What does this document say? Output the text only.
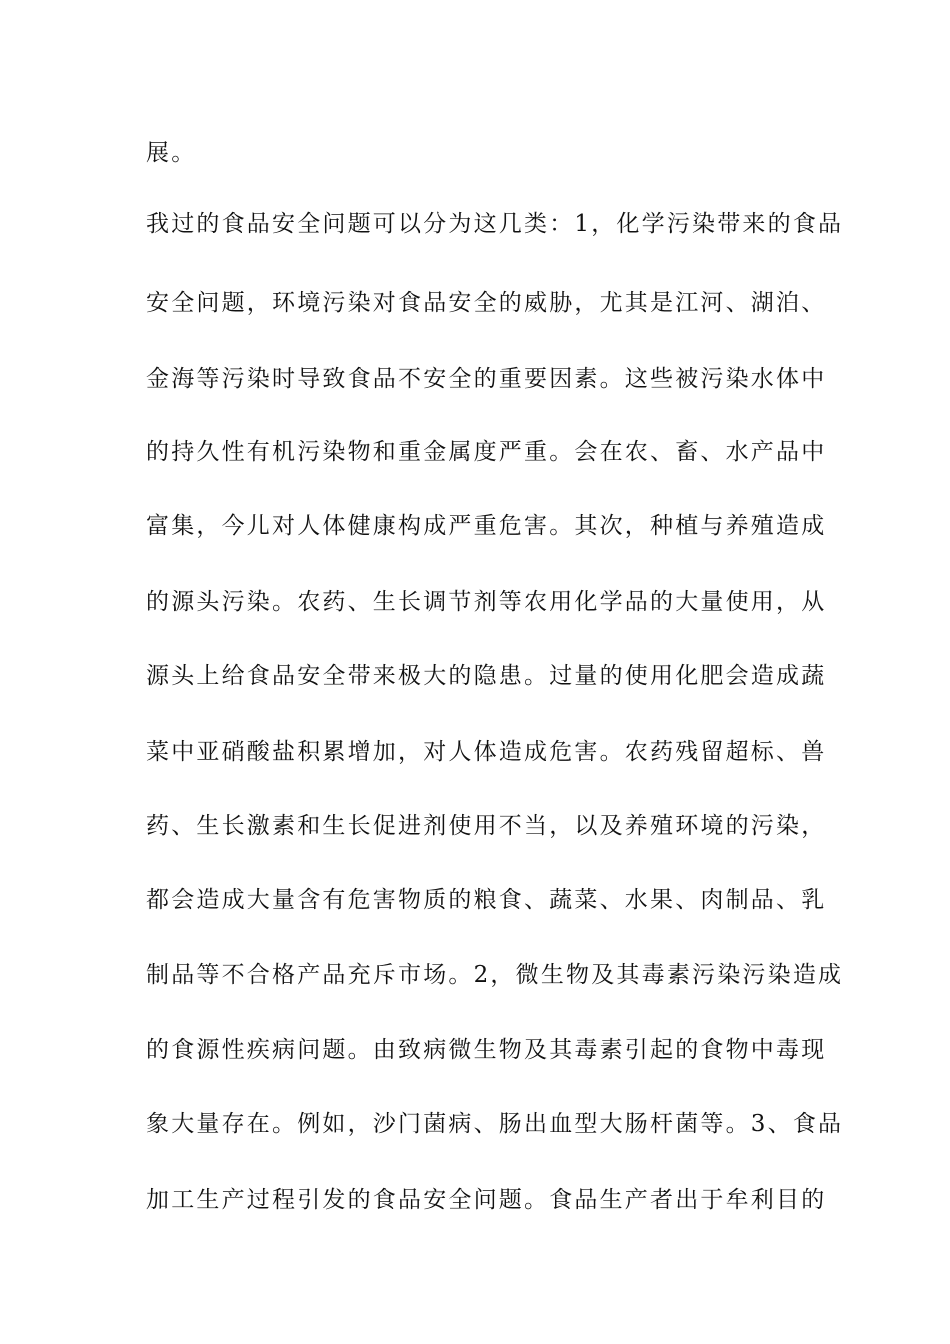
展。
我过的食品安全问题可以分为这几类：1，化学污染带来的食品
安全问题，环境污染对食品安全的威胁，尤其是江河、湖泊、
金海等污染时导致食品不安全的重要因素。这些被污染水体中
的持久性有机污染物和重金属度严重。会在农、畜、水产品中
富集，今儿对人体健康构成严重危害。其次，种植与养殖造成
的源头污染。农药、生长调节剂等农用化学品的大量使用，从
源头上给食品安全带来极大的隐患。过量的使用化肥会造成蔬
菜中亚硝酸盐积累增加，对人体造成危害。农药残留超标、兽
药、生长激素和生长促进剂使用不当，以及养殖环境的污染，
都会造成大量含有危害物质的粮食、蔬菜、水果、肉制品、乳
制品等不合格产品充斥市场。2，微生物及其毒素污染污染造成
的食源性疾病问题。由致病微生物及其毒素引起的食物中毒现
象大量存在。例如，沙门菌病、肠出血型大肠杆菌等。3、食品
加工生产过程引发的食品安全问题。食品生产者出于牟利目的
